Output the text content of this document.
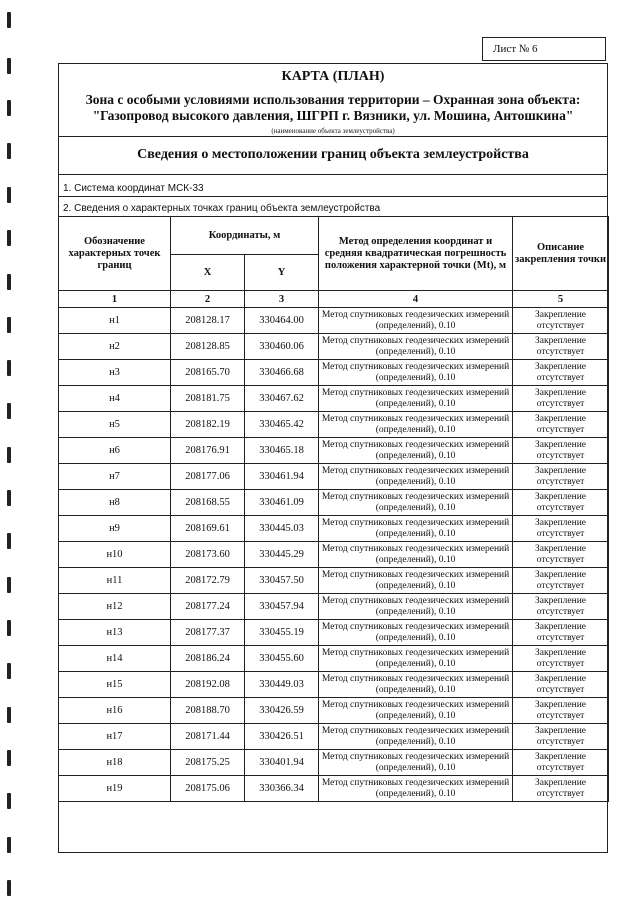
Лист № 6
КАРТА (ПЛАН)
Зона с особыми условиями использования территории – Охранная зона объекта:
"Газопровод высокого давления, ШГРП г. Вязники, ул. Мошина, Антошкина"
(наименование объекта землеустройства)
Сведения о местоположении границ объекта землеустройства
1. Система координат МСК-33
2. Сведения о характерных точках границ объекта землеустройства
Обозначение характерных точек границ	Координаты, м		Метод определения координат и средняя квадратическая погрешность положения характерной точки (Mt), м	Описание закрепления точки
	X	Y		
1	2	3	4	5
н1	208128.17	330464.00	Метод спутниковых геодезических измерений (определений), 0.10	Закрепление отсутствует
н2	208128.85	330460.06	Метод спутниковых геодезических измерений (определений), 0.10	Закрепление отсутствует
н3	208165.70	330466.68	Метод спутниковых геодезических измерений (определений), 0.10	Закрепление отсутствует
н4	208181.75	330467.62	Метод спутниковых геодезических измерений (определений), 0.10	Закрепление отсутствует
н5	208182.19	330465.42	Метод спутниковых геодезических измерений (определений), 0.10	Закрепление отсутствует
н6	208176.91	330465.18	Метод спутниковых геодезических измерений (определений), 0.10	Закрепление отсутствует
н7	208177.06	330461.94	Метод спутниковых геодезических измерений (определений), 0.10	Закрепление отсутствует
н8	208168.55	330461.09	Метод спутниковых геодезических измерений (определений), 0.10	Закрепление отсутствует
н9	208169.61	330445.03	Метод спутниковых геодезических измерений (определений), 0.10	Закрепление отсутствует
н10	208173.60	330445.29	Метод спутниковых геодезических измерений (определений), 0.10	Закрепление отсутствует
н11	208172.79	330457.50	Метод спутниковых геодезических измерений (определений), 0.10	Закрепление отсутствует
н12	208177.24	330457.94	Метод спутниковых геодезических измерений (определений), 0.10	Закрепление отсутствует
н13	208177.37	330455.19	Метод спутниковых геодезических измерений (определений), 0.10	Закрепление отсутствует
н14	208186.24	330455.60	Метод спутниковых геодезических измерений (определений), 0.10	Закрепление отсутствует
н15	208192.08	330449.03	Метод спутниковых геодезических измерений (определений), 0.10	Закрепление отсутствует
н16	208188.70	330426.59	Метод спутниковых геодезических измерений (определений), 0.10	Закрепление отсутствует
н17	208171.44	330426.51	Метод спутниковых геодезических измерений (определений), 0.10	Закрепление отсутствует
н18	208175.25	330401.94	Метод спутниковых геодезических измерений (определений), 0.10	Закрепление отсутствует
н19	208175.06	330366.34	Метод спутниковых геодезических измерений (определений), 0.10	Закрепление отсутствует
